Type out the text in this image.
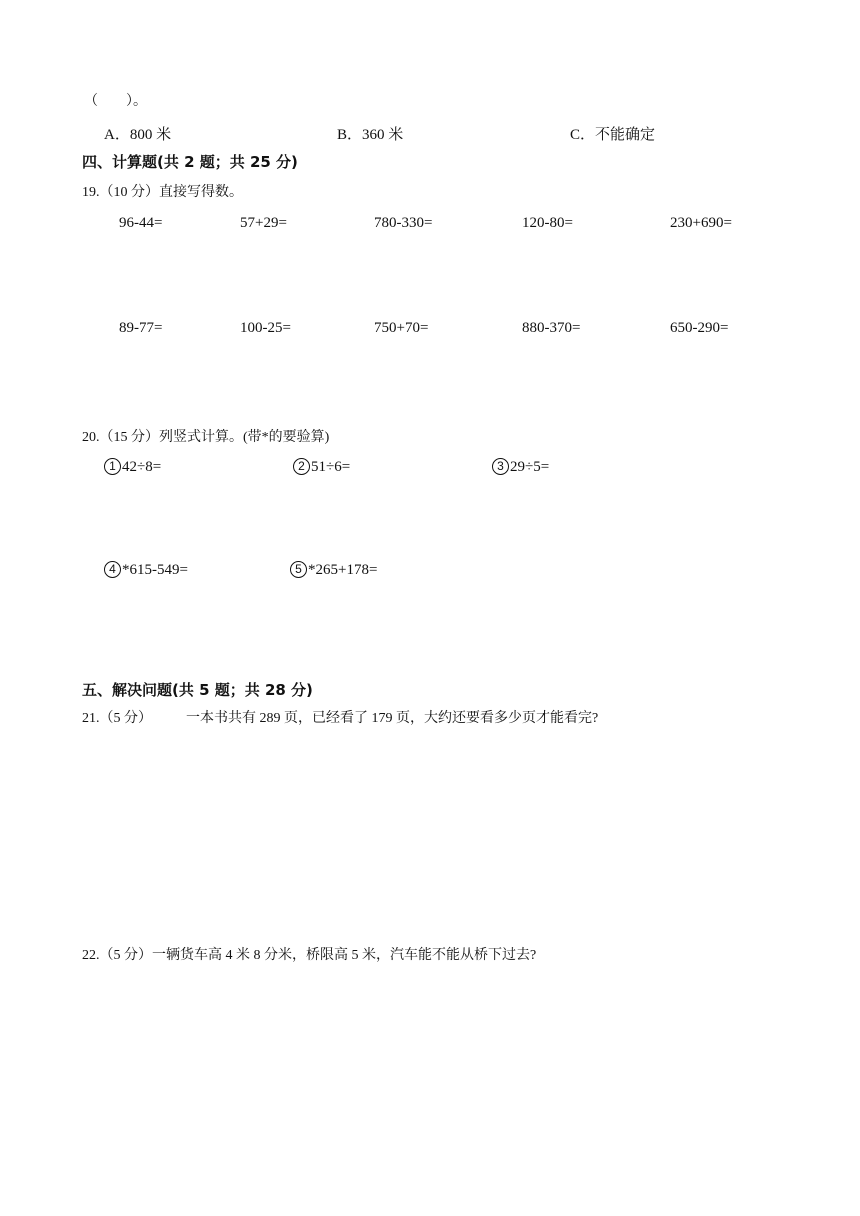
（　　）。
A．800 米	B．360 米	C．不能确定
四、计算题(共 2 题；共 25 分)
19.（10 分）直接写得数。
96-44=	57+29=	780-330=	120-80=	230+690=
89-77=	100-25=	750+70=	880-370=	650-290=
20.（15 分）列竖式计算。(带*的要验算)
1 42÷8=	2 51÷6=	3 29÷5=
4 *615-549=	5 *265+178=
五、解决问题(共 5 题；共 28 分)
21.（5 分） 一本书共有 289 页，已经看了 179 页，大约还要看多少页才能看完?
22.（5 分）一辆货车高 4 米 8 分米，桥限高 5 米，汽车能不能从桥下过去?
